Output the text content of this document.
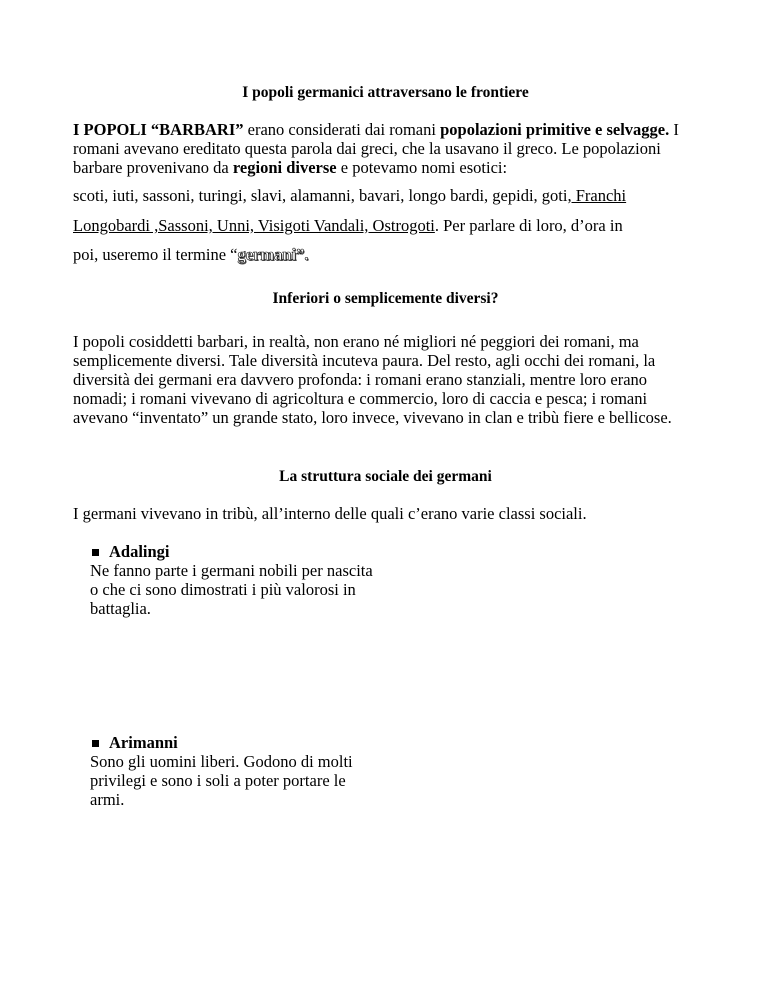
I popoli germanici attraversano le frontiere

I POPOLI “BARBARI” erano considerati dai romani popolazioni primitive e selvagge. I romani avevano ereditato questa parola dai greci, che la usavano il greco. Le popolazioni barbare provenivano da regioni diverse e potevamo nomi esotici:

scoti, iuti, sassoni, turingi, slavi, alamanni, bavari, longo bardi, gepidi, goti, Franchi

Longobardi ,Sassoni, Unni, Visigoti Vandali, Ostrogoti. Per parlare di loro, d’ora in

poi, useremo il termine “germani”.

Inferiori o semplicemente diversi?

I popoli cosiddetti barbari, in realtà, non erano né migliori né peggiori dei romani, ma semplicemente diversi. Tale diversità incuteva paura. Del resto, agli occhi dei romani, la diversità dei germani era davvero profonda: i romani erano stanziali, mentre loro erano nomadi; i romani vivevano di agricoltura e commercio, loro di caccia e pesca; i romani avevano “inventato” un grande stato, loro invece, vivevano in clan e tribù fiere e bellicose.

La struttura sociale dei germani

I germani vivevano in tribù, all’interno delle quali c’erano varie classi sociali.

Adalingi
Ne fanno parte i germani nobili per nascita o che ci sono dimostrati i più valorosi in battaglia.
Arimanni
Sono gli uomini liberi. Godono di molti privilegi e sono i soli a poter portare le armi.
